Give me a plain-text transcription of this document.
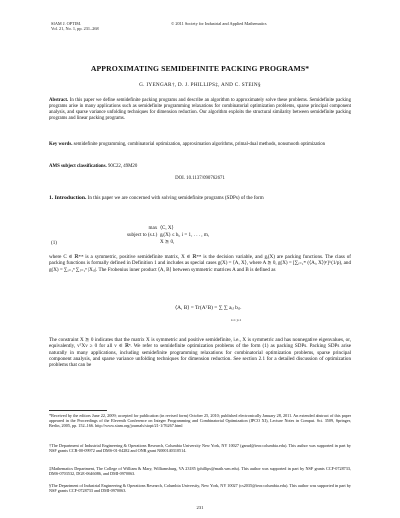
SIAM J. OPTIM.
Vol. 21, No. 1, pp. 231–268
© 2011 Society for Industrial and Applied Mathematics
APPROXIMATING SEMIDEFINITE PACKING PROGRAMS*
G. IYENGAR†, D. J. PHILLIPS‡, AND C. STEIN§

Abstract. In this paper we define semidefinite packing programs and describe an algorithm to approximately solve these problems. Semidefinite packing programs arise in many applications such as semidefinite programming relaxations for combinatorial optimization problems, sparse principal component analysis, and sparse variance unfolding techniques for dimension reduction. Our algorithm exploits the structural similarity between semidefinite packing programs and linear packing programs.

Key words. semidefinite programming, combinatorial optimization, approximation algorithms, primal-dual methods, nonsmooth optimization

AMS subject classifications. 90C22, 49M20

DOI. 10.1137/090762671

1. Introduction. In this paper we are concerned with solving semidefinite programs (SDPs) of the form

(1)
max
subject to (s.t.)
⟨C, X⟩
gᵢ(X) ≤ bᵢ, i = 1, . . . , m,
X ⪰ 0,

where C ∈ ℝⁿˣⁿ is a symmetric, positive semidefinite matrix, X ∈ ℝⁿˣⁿ is the decision variable, and gᵢ(X) are packing functions. The class of packing functions is formally defined in Definition 1 and includes as special cases g(X) = ⟨A, X⟩, where A ⪰ 0, g(X) = [∑ᵢ₌₁ᵐ (⟨Aᵢ, X⟩)ᵖ]^(1/p), and g(X) = ∑ᵢ₌₁ⁿ ∑ⱼ₌₁ⁿ |Xᵢⱼ|. The Frobenius inner product ⟨A, B⟩ between symmetric matrices A and B is defined as

⟨A, B⟩ = Tr(AᵀB) = ∑ ∑ aᵢⱼ bᵢⱼ.
i=1 j=1

The constraint X ⪰ 0 indicates that the matrix X is symmetric and positive semidefinite, i.e., X is symmetric and has nonnegative eigenvalues, or, equivalently, vᵀXv ≥ 0 for all v ∈ ℝⁿ. We refer to semidefinite optimization problems of the form (1) as packing SDPs. Packing SDPs arise naturally in many applications, including semidefinite programming relaxations for combinatorial optimization problems, sparse principal component analysis, and sparse variance unfolding techniques for dimension reduction. See section 2.1 for a detailed discussion of optimization problems that can be

*Received by the editors June 22, 2009; accepted for publication (in revised form) October 25, 2010; published electronically January 28, 2011. An extended abstract of this paper appeared in the Proceedings of the Eleventh Conference on Integer Programming and Combinatorial Optimization (IPCO XI), Lecture Notes in Comput. Sci. 3509, Springer, Berlin, 2005, pp. 152–166. http://www.siam.org/journals/siopt/21-1/76267.html

†The Department of Industrial Engineering & Operations Research, Columbia University New York, NY 10027 (garud@ieor.columbia.edu). This author was supported in part by NSF grants CCR-00-09972 and DMS-01-04282 and ONR grant N000140310514.

‡Mathematics Department, The College of William & Mary, Williamsburg, VA 23185 (phillips@math.wm.edu). This author was supported in part by NSF grants CCF-0728733, DMS-0703532, DGE-0646086, and DMI-0970063.

§The Department of Industrial Engineering & Operations Research, Columbia University, New York, NY 10027 (cs2035@ieor.columbia.edu). This author was supported in part by NSF grants CCF-0728733 and DMI-0970063.

231
